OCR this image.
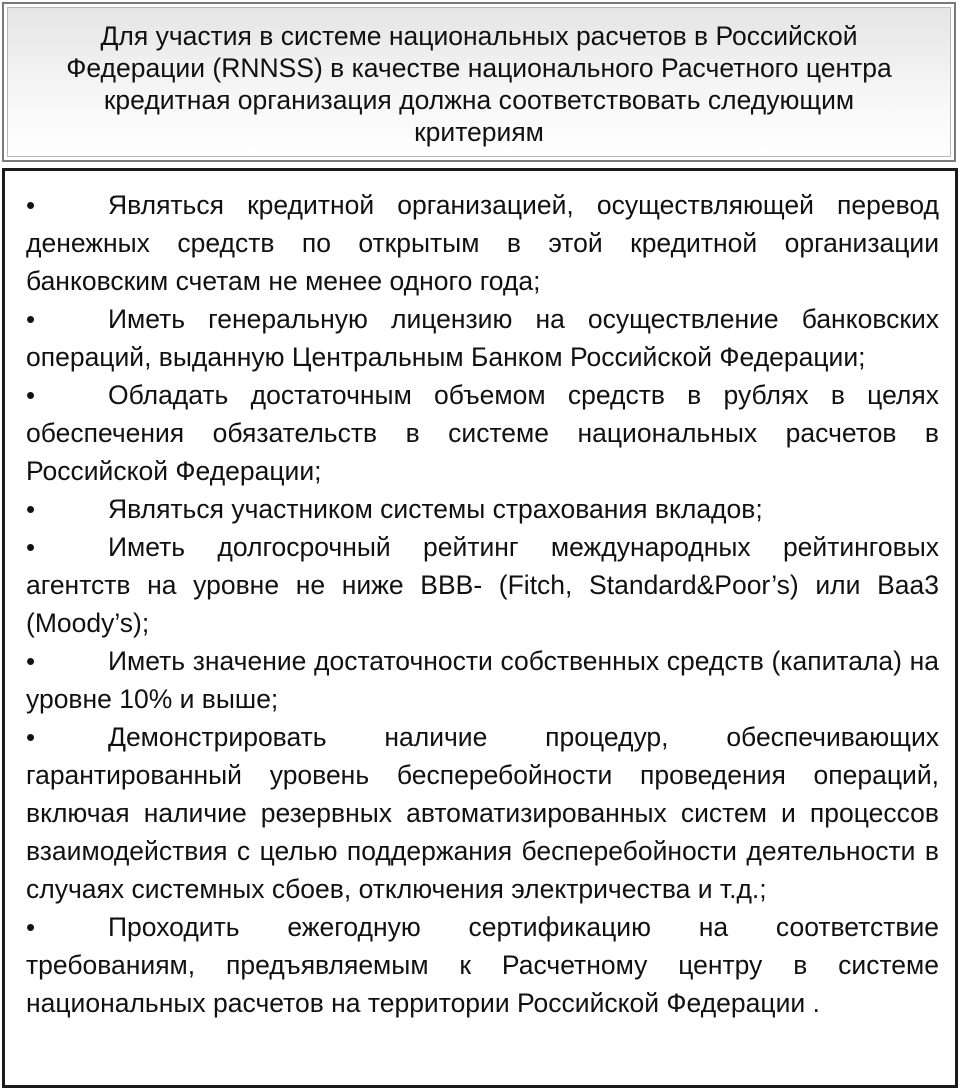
Для участия в системе национальных расчетов в Российской Федерации (RNNSS) в качестве национального Расчетного центра кредитная организация должна соответствовать следующим критериям
•	Являться кредитной организацией, осуществляющей перевод денежных средств по открытым в этой кредитной организации банковским счетам не менее одного года;
•	Иметь генеральную лицензию на осуществление банковских операций, выданную Центральным Банком Российской Федерации;
•	Обладать достаточным объемом средств в рублях в целях обеспечения обязательств в системе национальных расчетов в Российской Федерации;
•	Являться участником системы страхования вкладов;
•	Иметь долгосрочный рейтинг международных рейтинговых агентств на уровне не ниже BBB- (Fitch, Standard&Poor’s) или Baa3 (Moody’s);
•	Иметь значение достаточности собственных средств (капитала) на уровне 10% и выше;
•	Демонстрировать наличие процедур, обеспечивающих гарантированный уровень бесперебойности проведения операций, включая наличие резервных автоматизированных систем и процессов взаимодействия с целью поддержания бесперебойности деятельности в случаях системных сбоев, отключения электричества и т.д.;
•	Проходить ежегодную сертификацию на соответствие требованиям, предъявляемым к Расчетному центру в системе национальных расчетов на территории Российской Федерации .
